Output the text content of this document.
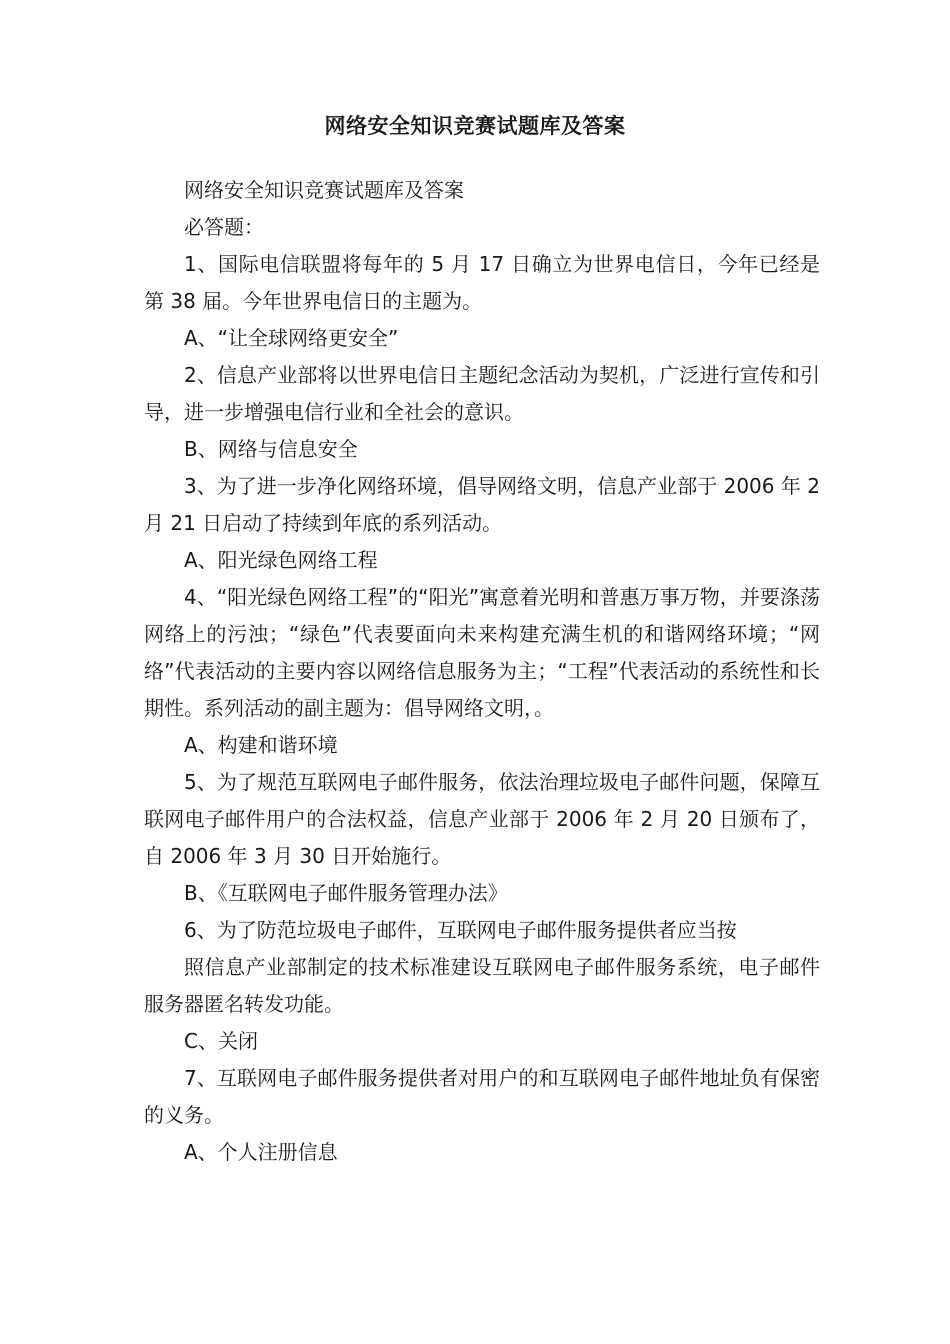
网络安全知识竞赛试题库及答案

网络安全知识竞赛试题库及答案

必答题：

1、国际电信联盟将每年的 5 月 17 日确立为世界电信日，今年已经是第 38 届。今年世界电信日的主题为。

A、“让全球网络更安全”

2、信息产业部将以世界电信日主题纪念活动为契机，广泛进行宣传和引导，进一步增强电信行业和全社会的意识。

B、网络与信息安全

3、为了进一步净化网络环境，倡导网络文明，信息产业部于 2006 年 2 月 21 日启动了持续到年底的系列活动。

A、阳光绿色网络工程

4、“阳光绿色网络工程”的“阳光”寓意着光明和普惠万事万物，并要涤荡网络上的污浊；“绿色”代表要面向未来构建充满生机的和谐网络环境；“网络”代表活动的主要内容以网络信息服务为主；“工程”代表活动的系统性和长期性。系列活动的副主题为：倡导网络文明，。

A、构建和谐环境

5、为了规范互联网电子邮件服务，依法治理垃圾电子邮件问题，保障互联网电子邮件用户的合法权益，信息产业部于 2006 年 2 月 20 日颁布了，自 2006 年 3 月 30 日开始施行。

B、《互联网电子邮件服务管理办法》

6、为了防范垃圾电子邮件，互联网电子邮件服务提供者应当按

照信息产业部制定的技术标准建设互联网电子邮件服务系统，电子邮件服务器匿名转发功能。

C、关闭

7、互联网电子邮件服务提供者对用户的和互联网电子邮件地址负有保密的义务。

A、个人注册信息
